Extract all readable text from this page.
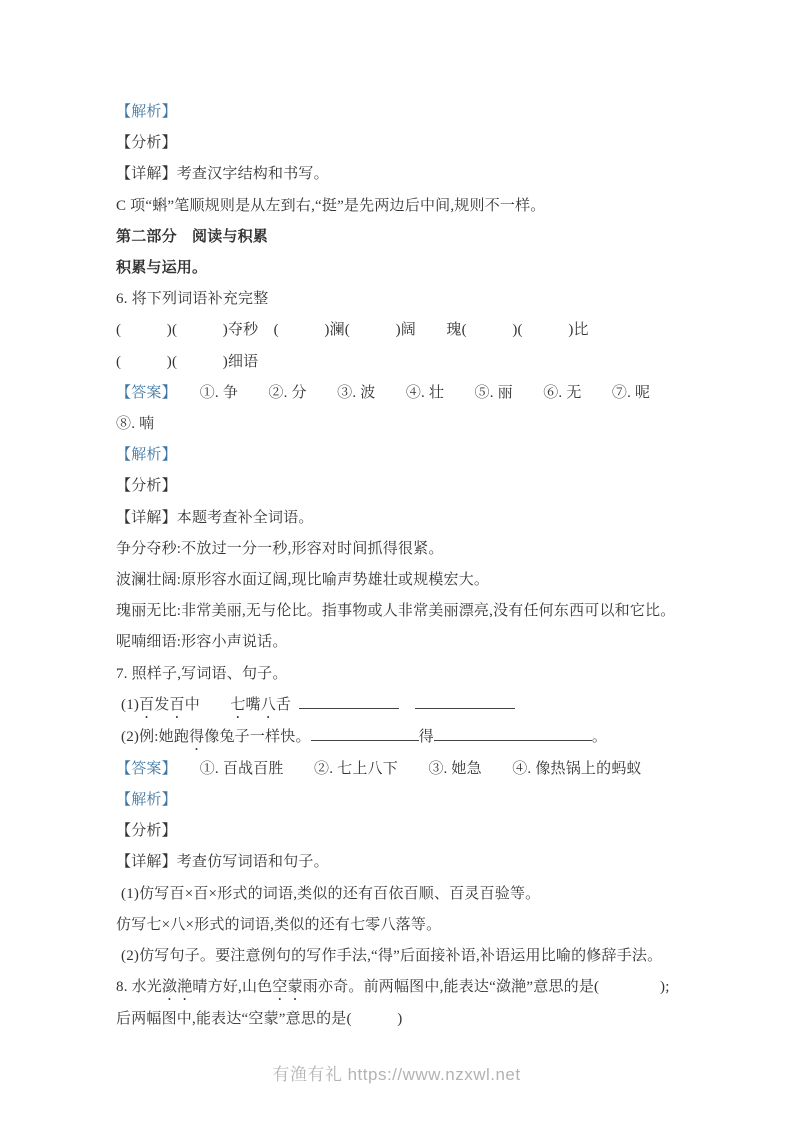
【解析】

【分析】

【详解】考查汉字结构和书写。

C 项“蝌”笔顺规则是从左到右,“挺”是先两边后中间,规则不一样。

第二部分　阅读与积累

积累与运用。

6. 将下列词语补充完整

(　　　)(　　　)夺秒　(　　　)澜(　　　)阔　　瑰(　　　)(　　　)比

(　　　)(　　　)细语

【答案】　　①. 争　　②. 分　　③. 波　　④. 壮　　⑤. 丽　　⑥. 无　　⑦. 呢

⑧. 喃

【解析】

【分析】

【详解】本题考查补全词语。

争分夺秒:不放过一分一秒,形容对时间抓得很紧。

波澜壮阔:原形容水面辽阔,现比喻声势雄壮或规模宏大。

瑰丽无比:非常美丽,无与伦比。指事物或人非常美丽漂亮,没有任何东西可以和它比。

呢喃细语:形容小声说话。

7. 照样子,写词语、句子。

(1)百发百中　　 七嘴八舌

(2)例:她跑得像兔子一样快。	得	。

【答案】　　①. 百战百胜　　②. 七上八下　　③. 她急　　④. 像热锅上的蚂蚁

【解析】

【分析】

【详解】考查仿写词语和句子。

(1)仿写百×百×形式的词语,类似的还有百依百顺、百灵百验等。

仿写七×八×形式的词语,类似的还有七零八落等。

(2)仿写句子。要注意例句的写作手法,“得”后面接补语,补语运用比喻的修辞手法。

8. 水光潋滟晴方好,山色空蒙雨亦奇。前两幅图中,能表达“潋滟”意思的是(　　　　);

后两幅图中,能表达“空蒙”意思的是(　　　)

有渔有礼 https://www.nzxwl.net
